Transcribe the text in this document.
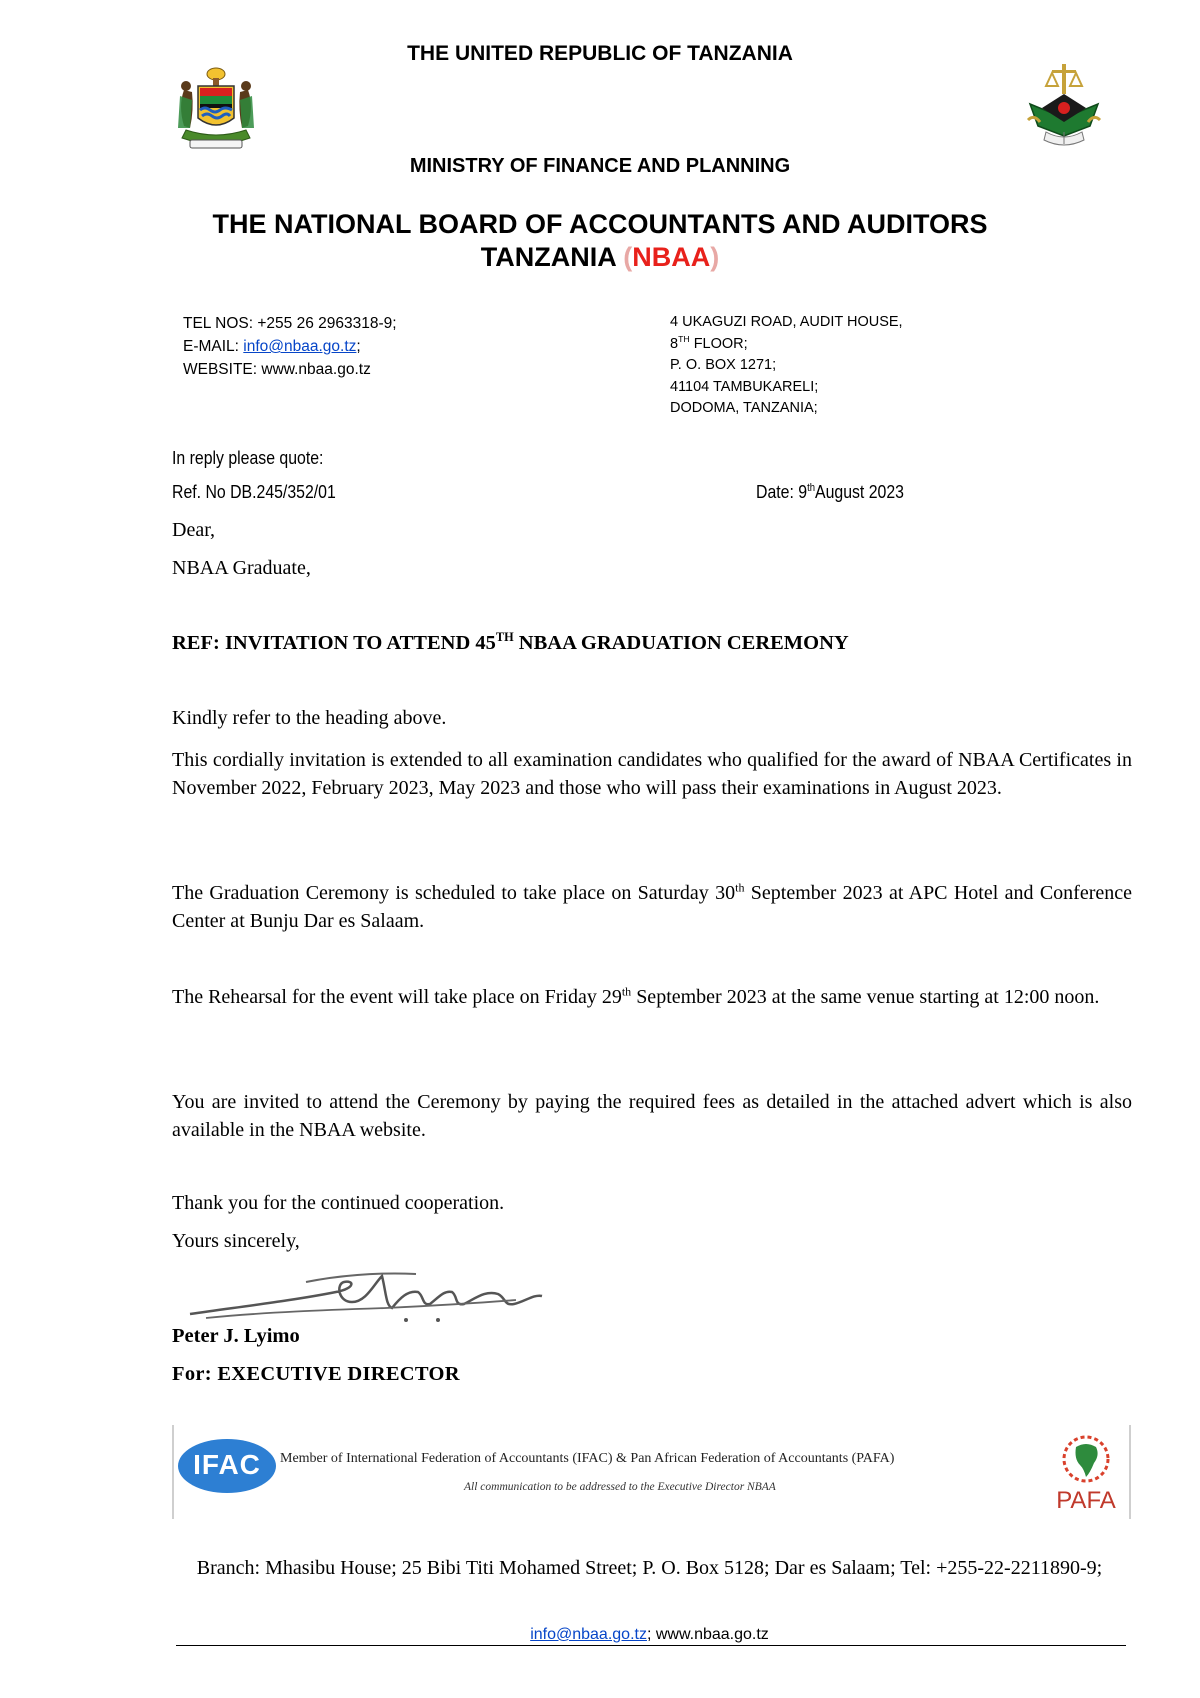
THE UNITED REPUBLIC OF TANZANIA
MINISTRY OF FINANCE AND PLANNING
THE NATIONAL BOARD OF ACCOUNTANTS AND AUDITORS
TANZANIA (NBAA)
TEL NOS: +255 26 2963318-9;
E-MAIL: info@nbaa.go.tz;
WEBSITE: www.nbaa.go.tz
4 UKAGUZI ROAD, AUDIT HOUSE,
8TH FLOOR;
P. O. BOX 1271;
41104 TAMBUKARELI;
DODOMA, TANZANIA;
In reply please quote:
Ref. No DB.245/352/01	Date: 9thAugust 2023
Dear,
NBAA Graduate,
REF: INVITATION TO ATTEND 45TH NBAA GRADUATION CEREMONY
Kindly refer to the heading above.
This cordially invitation is extended to all examination candidates who qualified for the award of NBAA Certificates in November 2022, February 2023, May 2023 and those who will pass their examinations in August 2023.
The Graduation Ceremony is scheduled to take place on Saturday 30th September 2023 at APC Hotel and Conference Center at Bunju Dar es Salaam.
The Rehearsal for the event will take place on Friday 29th September 2023 at the same venue starting at 12:00 noon.
You are invited to attend the Ceremony by paying the required fees as detailed in the attached advert which is also available in the NBAA website.
Thank you for the continued cooperation.
Yours sincerely,
Peter J. Lyimo
For: EXECUTIVE DIRECTOR
IFAC	Member of International Federation of Accountants (IFAC) & Pan African Federation of Accountants (PAFA)
All communication to be addressed to the Executive Director NBAA	PAFA
Branch: Mhasibu House; 25 Bibi Titi Mohamed Street; P. O. Box 5128; Dar es Salaam; Tel: +255-22-2211890-9;
info@nbaa.go.tz; www.nbaa.go.tz
